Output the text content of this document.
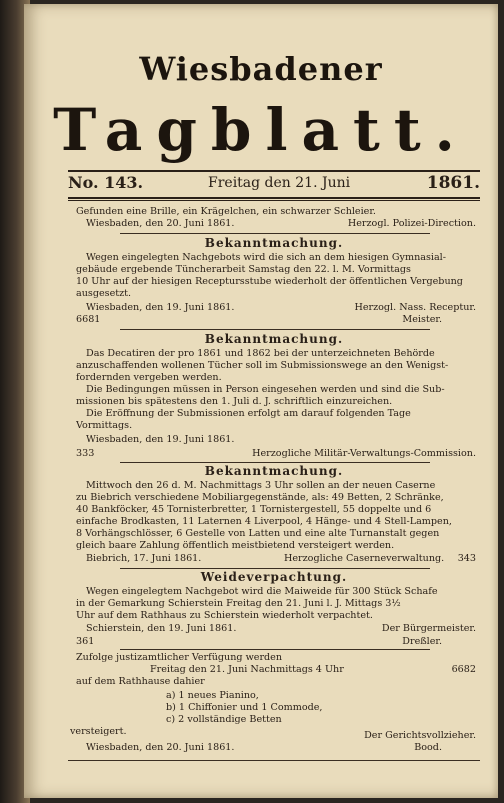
Wiesbadener
Tagblatt.
No. 143.	Freitag den 21. Juni	1861.
Gefunden eine Brille, ein Krägelchen, ein schwarzer Schleier.
Wiesbaden, den 20. Juni 1861.	Herzogl. Polizei-Direction.
Bekanntmachung.
Wegen eingelegten Nachgebots wird die sich an dem hiesigen Gymnasial-
gebäude ergebende Tüncherarbeit Samstag den 22. l. M. Vormittags
10 Uhr auf der hiesigen Receptursstube wiederholt der öffentlichen Vergebung
ausgesetzt.
Wiesbaden, den 19. Juni 1861.	Herzogl. Nass. Receptur.
6681	Meister.
Bekanntmachung.
Das Decatiren der pro 1861 und 1862 bei der unterzeichneten Behörde
anzuschaffenden wollenen Tücher soll im Submissionswege an den Wenigst-
fordernden vergeben werden.
Die Bedingungen müssen in Person eingesehen werden und sind die Sub-
missionen bis spätestens den 1. Juli d. J. schriftlich einzureichen.
Die Eröffnung der Submissionen erfolgt am darauf folgenden Tage
Vormittags.
Wiesbaden, den 19. Juni 1861.
333	Herzogliche Militär-Verwaltungs-Commission.
Bekanntmachung.
Mittwoch den 26 d. M. Nachmittags 3 Uhr sollen an der neuen Caserne
zu Biebrich verschiedene Mobiliargegenstände, als: 49 Betten, 2 Schränke,
40 Bankföcker, 45 Tornisterbretter, 1 Tornistergestell, 55 doppelte und 6
einfache Brodkasten, 11 Laternen 4 Liverpool, 4 Hänge- und 4 Stell-Lampen,
8 Vorhängschlösser, 6 Gestelle von Latten und eine alte Turnanstalt gegen
gleich baare Zahlung öffentlich meistbietend versteigert werden.
Biebrich, 17. Juni 1861.	Herzogliche Caserneverwaltung. 343
Weideverpachtung.
Wegen eingelegtem Nachgebot wird die Maiweide für 300 Stück Schafe
in der Gemarkung Schierstein Freitag den 21. Juni l. J. Mittags 3½
Uhr auf dem Rathhaus zu Schierstein wiederholt verpachtet.
Schierstein, den 19. Juni 1861.	Der Bürgermeister.
361	Dreßler.
Zufolge justizamtlicher Verfügung werden
Freitag den 21. Juni Nachmittags 4 Uhr	6682
auf dem Rathhause dahier
a) 1 neues Pianino,
b) 1 Chiffonier und 1 Commode,
c) 2 vollständige Betten
versteigert.	Der Gerichtsvollzieher.
Wiesbaden, den 20. Juni 1861.	Bood.
